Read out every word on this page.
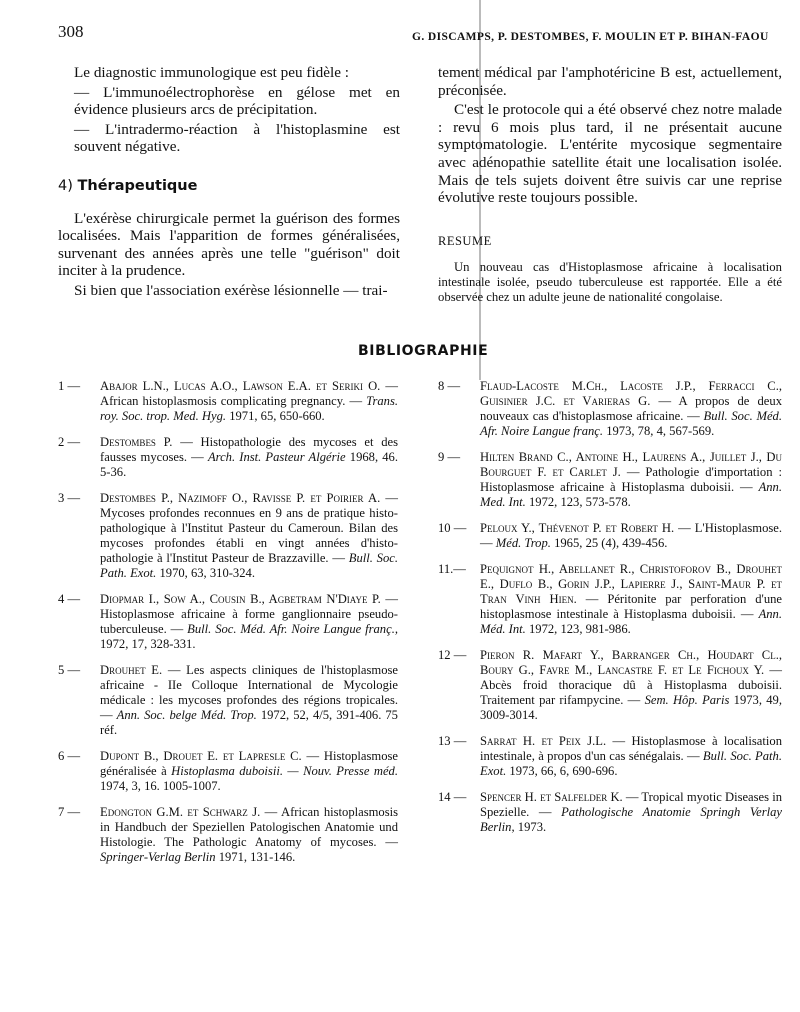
308	G. DISCAMPS, P. DESTOMBES, F. MOULIN ET P. BIHAN-FAOU

Le diagnostic immunologique est peu fidèle :

— L'immunoélectrophorèse en gélose met en évidence plusieurs arcs de précipitation.

— L'intradermo-réaction à l'histoplasmine est souvent négative.

4) Thérapeutique

L'exérèse chirurgicale permet la guérison des formes localisées. Mais l'apparition de formes généralisées, survenant des années après une telle "guérison" doit inciter à la prudence.

Si bien que l'association exérèse lésionnelle — trai-

tement médical par l'amphotéricine B est, actuellement, préconisée.

C'est le protocole qui a été observé chez notre malade : revu 6 mois plus tard, il ne présentait aucune symptomatologie. L'entérite mycosique segmentaire avec adénopathie satellite était une localisation isolée. Mais de tels sujets doivent être suivis car une reprise évolutive reste toujours possible.

RESUME

Un nouveau cas d'Histoplasmose africaine à localisation intestinale isolée, pseudo tuberculeuse est rapportée. Elle a été observée chez un adulte jeune de nationalité congolaise.

BIBLIOGRAPHIE
1 —	Abajor L.N., Lucas A.O., Lawson E.A. et Seriki O. — African histoplasmosis complicating pregnancy. — Trans. roy. Soc. trop. Med. Hyg. 1971, 65, 650-660.
2 —	Destombes P. — Histopathologie des mycoses et des fausses mycoses. — Arch. Inst. Pasteur Algérie 1968, 46. 5-36.
3 —	Destombes P., Nazimoff O., Ravisse P. et Poirier A. — Mycoses profondes reconnues en 9 ans de pratique histo-pathologique à l'Institut Pasteur du Cameroun. Bilan des mycoses profondes établi en vingt années d'histo-pathologie à l'Institut Pasteur de Brazzaville. — Bull. Soc. Path. Exot. 1970, 63, 310-324.
4 —	Diopmar I., Sow A., Cousin B., Agbetram N'Diaye P. — Histoplasmose africaine à forme ganglionnaire pseudo-tuberculeuse. — Bull. Soc. Méd. Afr. Noire Langue franç., 1972, 17, 328-331.
5 —	Drouhet E. — Les aspects cliniques de l'histoplasmose africaine - IIe Colloque International de Mycologie médicale : les mycoses profondes des régions tropicales. — Ann. Soc. belge Méd. Trop. 1972, 52, 4/5, 391-406. 75 réf.
6 —	Dupont B., Drouet E. et Lapresle C. — Histoplasmose généralisée à Histoplasma duboisii. — Nouv. Presse méd. 1974, 3, 16. 1005-1007.
7 —	Edongton G.M. et Schwarz J. — African histoplasmosis in Handbuch der Speziellen Patologischen Anatomie und Histologie. The Pathologic Anatomy of mycoses. — Springer-Verlag Berlin 1971, 131-146.
8 —	Flaud-Lacoste M.Ch., Lacoste J.P., Ferracci C., Guisinier J.C. et Varieras G. — A propos de deux nouveaux cas d'histoplasmose africaine. — Bull. Soc. Méd. Afr. Noire Langue franç. 1973, 78, 4, 567-569.
9 —	Hilten Brand C., Antoine H., Laurens A., Juillet J., Du Bourguet F. et Carlet J. — Pathologie d'importation : Histoplasmose africaine à Histoplasma duboisii. — Ann. Med. Int. 1972, 123, 573-578.
10 —	Peloux Y., Thévenot P. et Robert H. — L'Histoplasmose. — Méd. Trop. 1965, 25 (4), 439-456.
11.—	Pequignot H., Abellanet R., Christoforov B., Drouhet E., Duflo B., Gorin J.P., Lapierre J., Saint-Maur P. et Tran Vinh Hien. — Péritonite par perforation d'une histoplasmose intestinale à Histoplasma duboisii. — Ann. Méd. Int. 1972, 123, 981-986.
12 —	Pieron R. Mafart Y., Barranger Ch., Houdart Cl., Boury G., Favre M., Lancastre F. et Le Fichoux Y. — Abcès froid thoracique dû à Histoplasma duboisii. Traitement par rifampycine. — Sem. Hôp. Paris 1973, 49, 3009-3014.
13 —	Sarrat H. et Peix J.L. — Histoplasmose à localisation intestinale, à propos d'un cas sénégalais. — Bull. Soc. Path. Exot. 1973, 66, 6, 690-696.
14 —	Spencer H. et Salfelder K. — Tropical myotic Diseases in Spezielle. — Pathologische Anatomie Springh Verlay Berlin, 1973.
